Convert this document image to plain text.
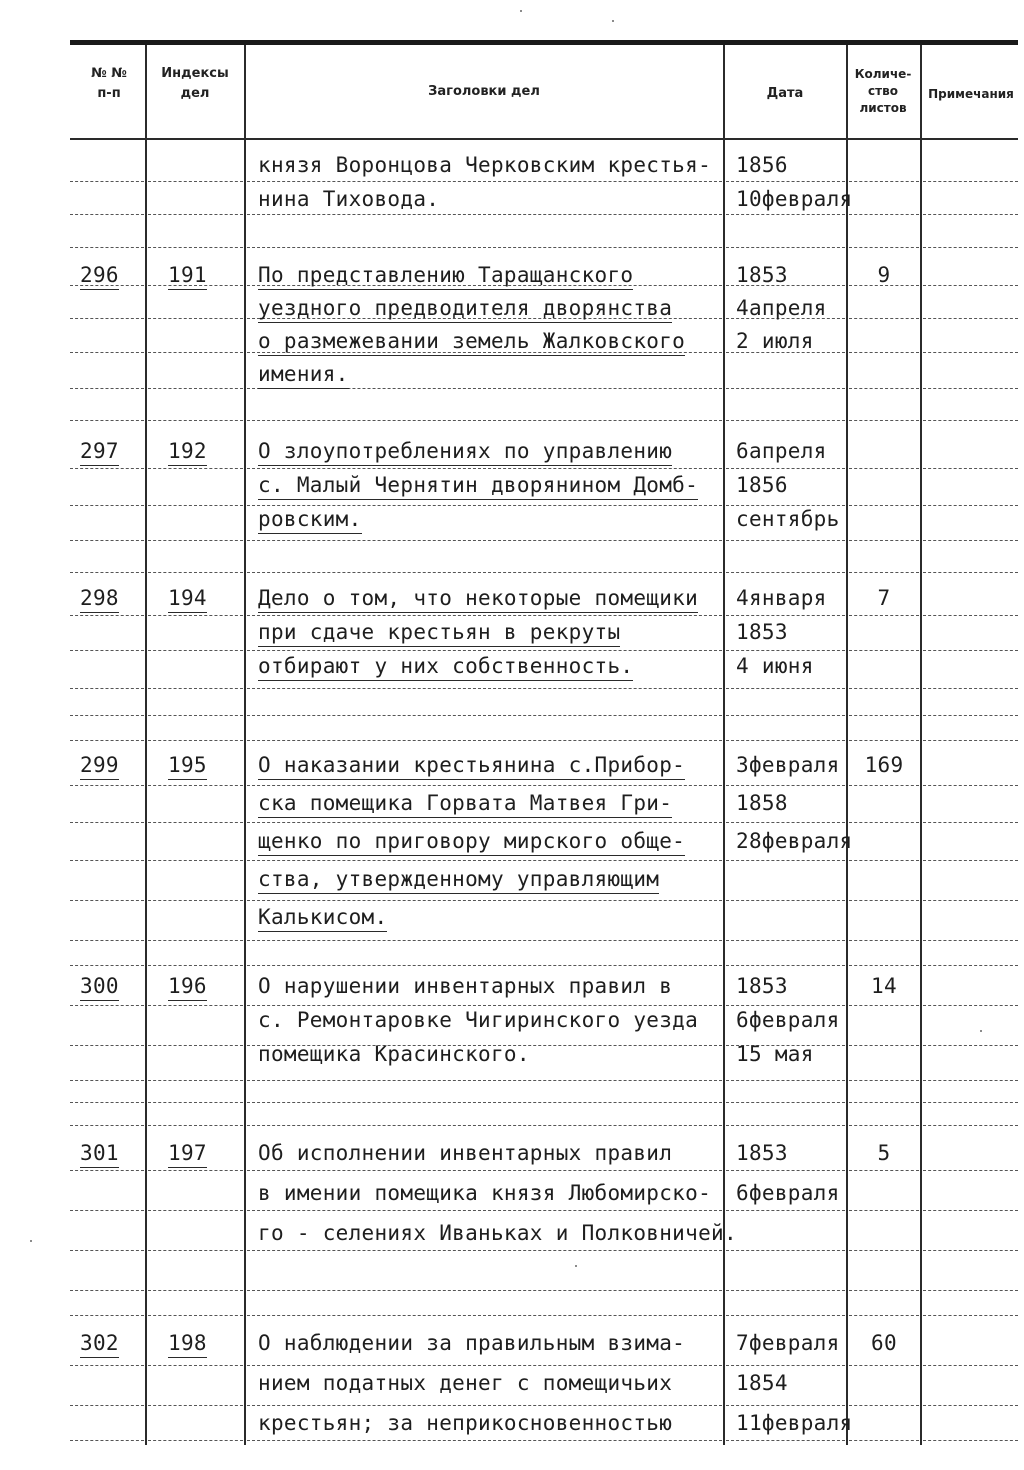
№ №
п-п
Индексы
дел	Заголовки дел	Дата
Количе-
ство
листов
Примечания
князя Воронцова Черковским крестья-
нина Тиховода.
1856
10февраля
296 191 По представлению Таращанского
уездного предводителя дворянства
о размежевании земель Жалковского
имения.
1853
4апреля
2 июля
9
297 192 О злоупотреблениях по управлению
с. Малый Чернятин дворянином Домб-
ровским.
6апреля
1856
сентябрь
298 194 Дело о том, что некоторые помещики
при сдаче крестьян в рекруты
отбирают у них собственность.
4января
1853
4 июня
7
299 195 О наказании крестьянина с.Прибор-
ска помещика Горвата Матвея Гри-
щенко по приговору мирского обще-
ства, утвержденному управляющим
Калькисом.
3февраля
1858
28февраля
169
300 196 О нарушении инвентарных правил в
с. Ремонтаровке Чигиринского уезда
помещика Красинского.
1853
6февраля
15 мая
14
301 197 Об исполнении инвентарных правил
в имении помещика князя Любомирско-
го - селениях Иванькаx и Полковничей.
1853
6февраля
5
302 198 О наблюдении за правильным взима-
нием податных денег с помещичьих
крестьян; за неприкосновенностью
7февраля
1854
11февраля
60
